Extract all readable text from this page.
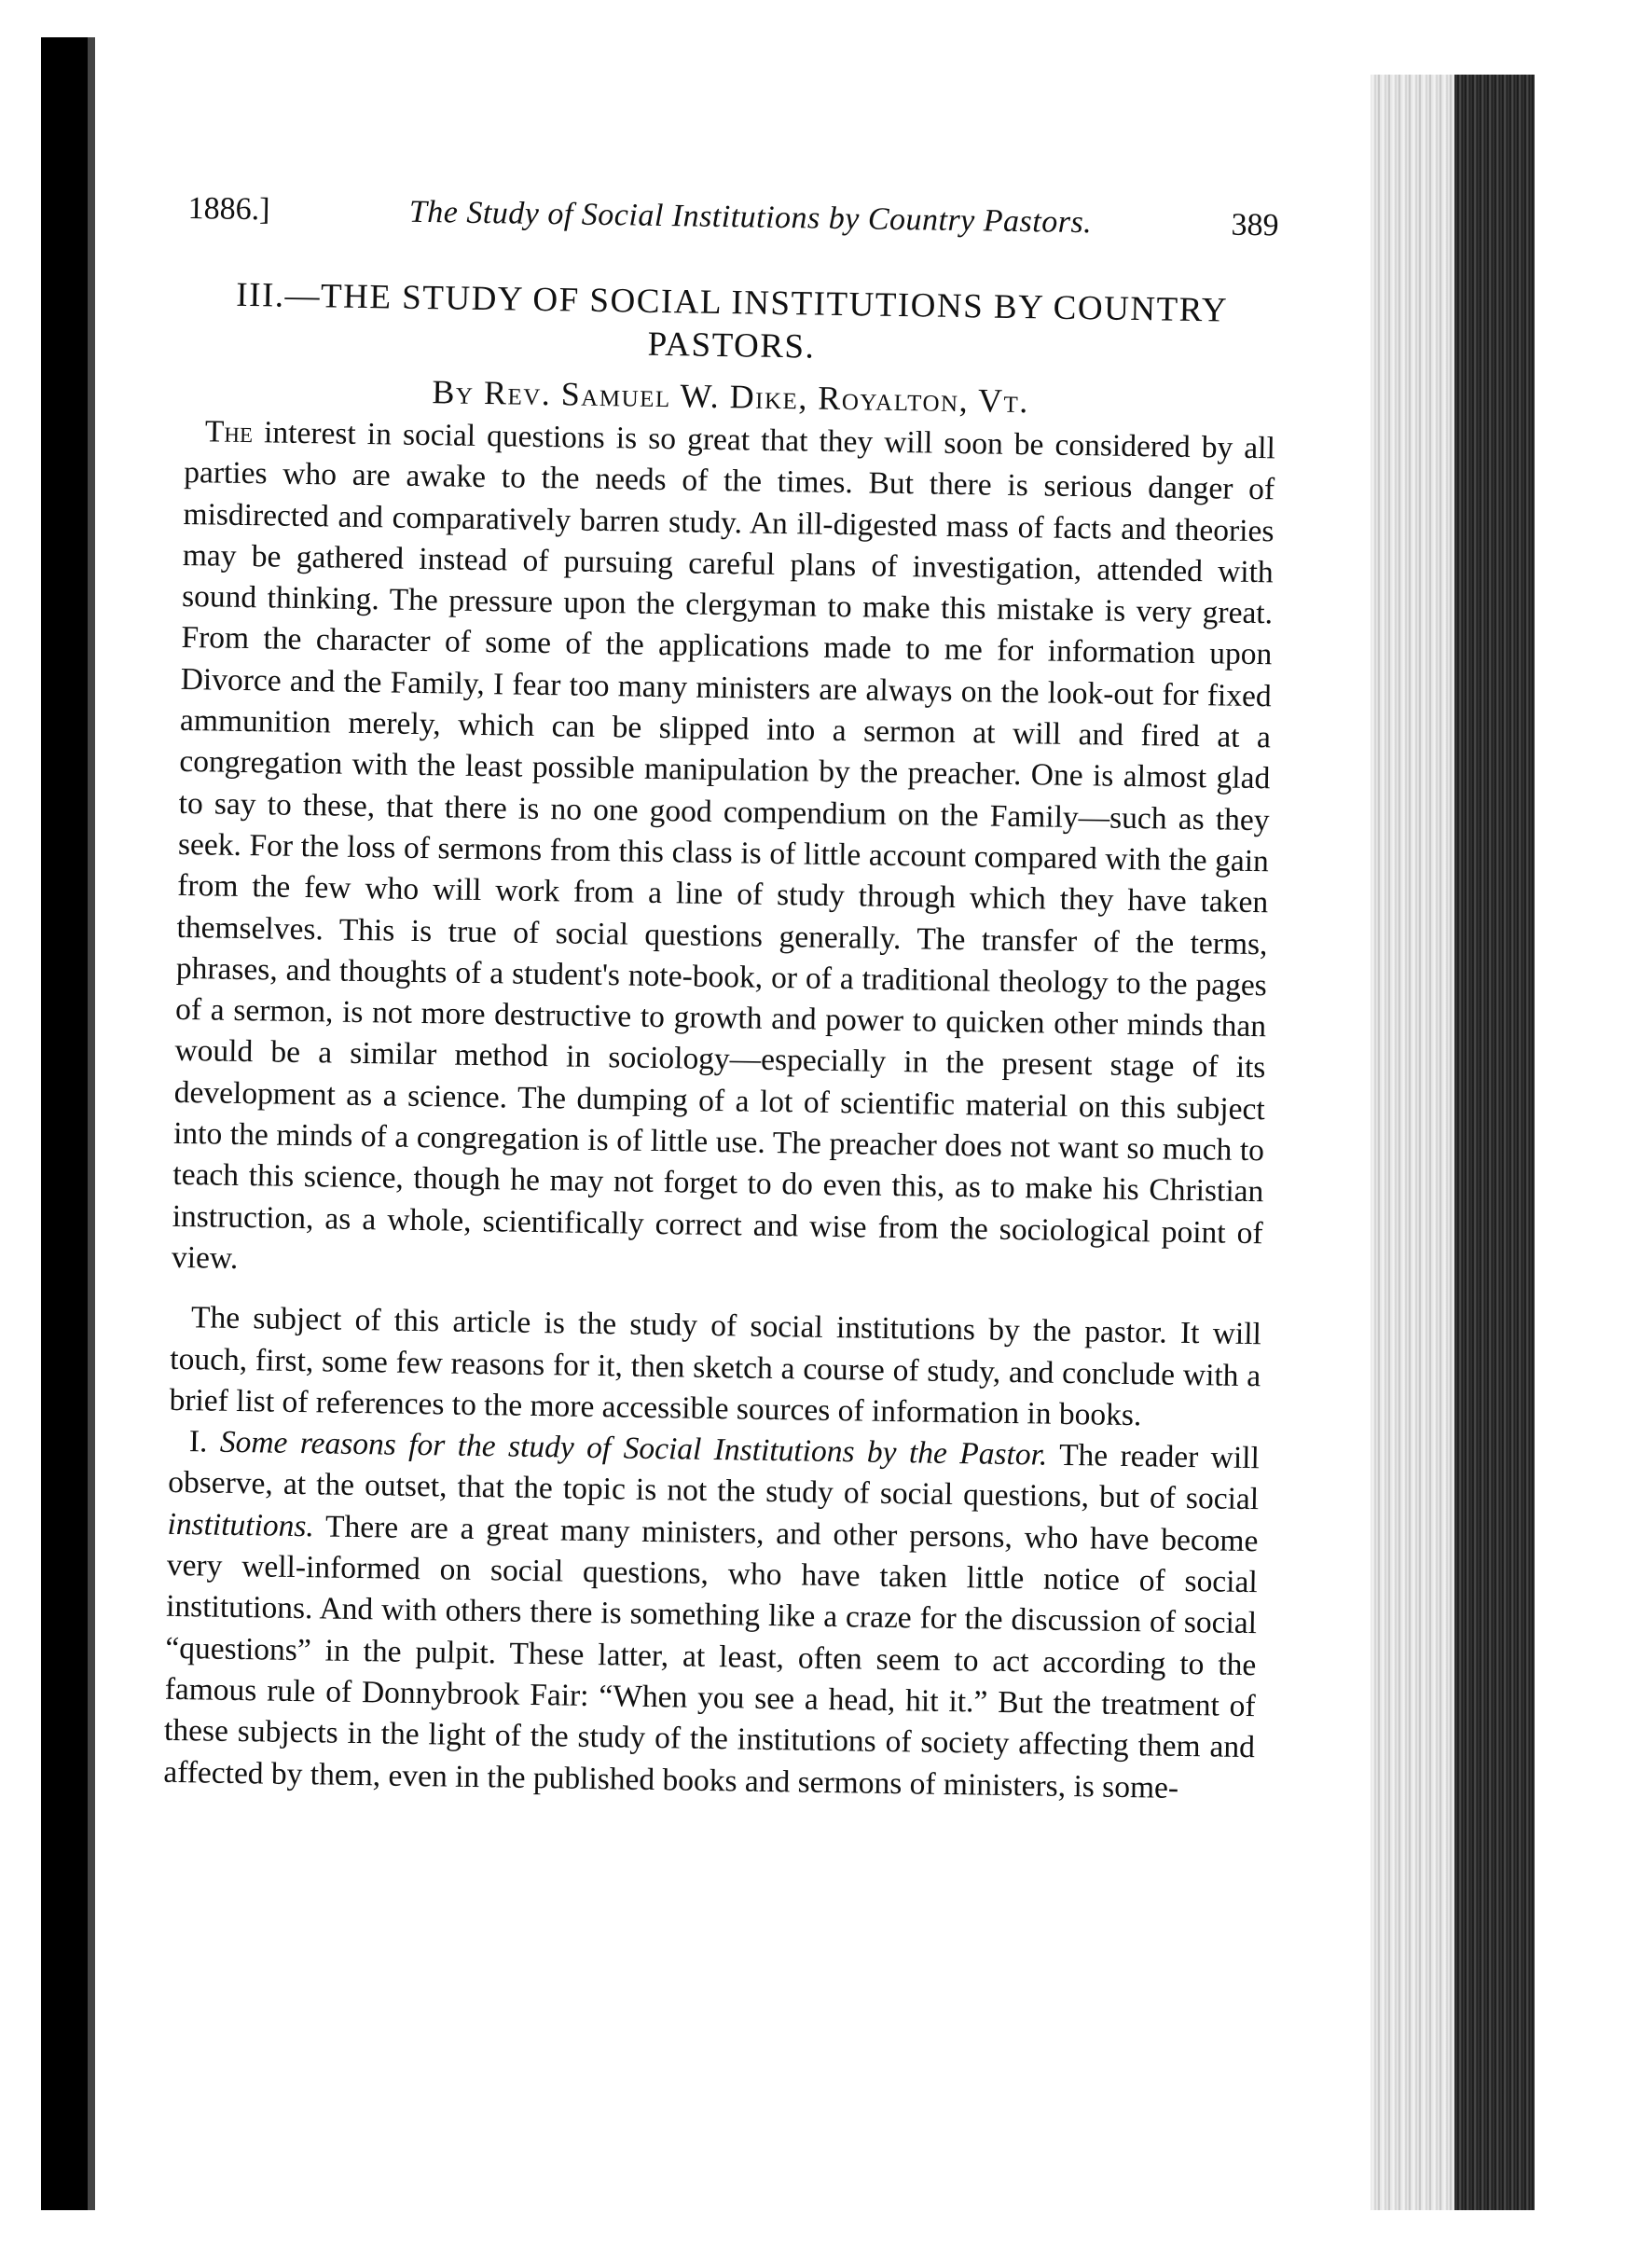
1886.]	The Study of Social Institutions by Country Pastors.	389
III.—THE STUDY OF SOCIAL INSTITUTIONS BY COUNTRY PASTORS.
By Rev. Samuel W. Dike, Royalton, Vt.

The interest in social questions is so great that they will soon be considered by all parties who are awake to the needs of the times. But there is serious danger of misdirected and comparatively barren study. An ill-digested mass of facts and theories may be gathered instead of pursuing careful plans of investigation, attended with sound thinking. The pressure upon the clergyman to make this mistake is very great. From the character of some of the applications made to me for information upon Divorce and the Family, I fear too many ministers are always on the look-out for fixed ammunition merely, which can be slipped into a sermon at will and fired at a congregation with the least possible manipulation by the preacher. One is almost glad to say to these, that there is no one good compendium on the Family—such as they seek. For the loss of sermons from this class is of little account compared with the gain from the few who will work from a line of study through which they have taken themselves. This is true of social questions generally. The transfer of the terms, phrases, and thoughts of a student's note-book, or of a traditional theology to the pages of a sermon, is not more destructive to growth and power to quicken other minds than would be a similar method in sociology—especially in the present stage of its development as a science. The dumping of a lot of scientific material on this subject into the minds of a congregation is of little use. The preacher does not want so much to teach this science, though he may not forget to do even this, as to make his Christian instruction, as a whole, scientifically correct and wise from the sociological point of view.

The subject of this article is the study of social institutions by the pastor. It will touch, first, some few reasons for it, then sketch a course of study, and conclude with a brief list of references to the more accessible sources of information in books.

I. Some reasons for the study of Social Institutions by the Pastor. The reader will observe, at the outset, that the topic is not the study of social questions, but of social institutions. There are a great many ministers, and other persons, who have become very well-informed on social questions, who have taken little notice of social institutions. And with others there is something like a craze for the discussion of social “questions” in the pulpit. These latter, at least, often seem to act according to the famous rule of Donnybrook Fair: “When you see a head, hit it.” But the treatment of these subjects in the light of the study of the institutions of society affecting them and affected by them, even in the published books and sermons of ministers, is some-
